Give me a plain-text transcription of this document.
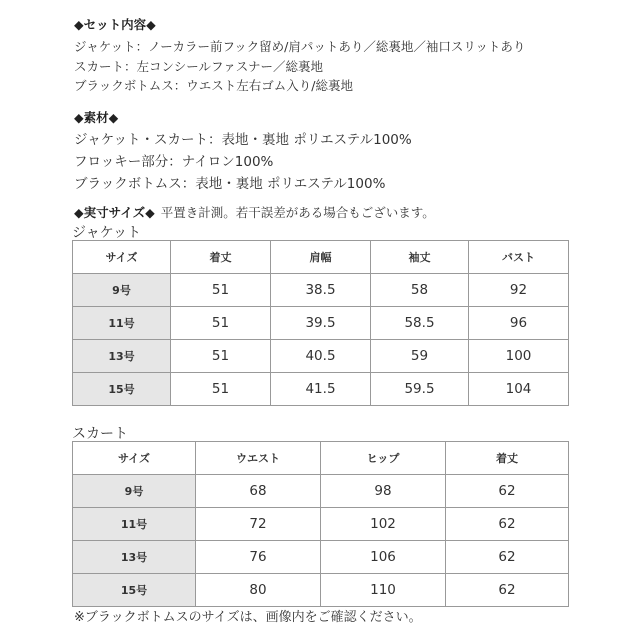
◆セット内容◆
ジャケット：ノーカラー前フック留め/肩パットあり／総裏地／袖口スリットあり
スカート：左コンシールファスナー／総裏地
ブラックボトムス：ウエスト左右ゴム入り/総裏地
◆素材◆
ジャケット・スカート：表地・裏地 ポリエステル100%
フロッキー部分：ナイロン100%
ブラックボトムス：表地・裏地 ポリエステル100%
◆実寸サイズ◆ 平置き計測。若干誤差がある場合もございます。
ジャケット
サイズ	着丈	肩幅	袖丈	バスト
9号	51	38.5	58	92
11号	51	39.5	58.5	96
13号	51	40.5	59	100
15号	51	41.5	59.5	104
スカート
サイズ	ウエスト	ヒップ	着丈
9号	68	98	62
11号	72	102	62
13号	76	106	62
15号	80	110	62
※ブラックボトムスのサイズは、画像内をご確認ください。
